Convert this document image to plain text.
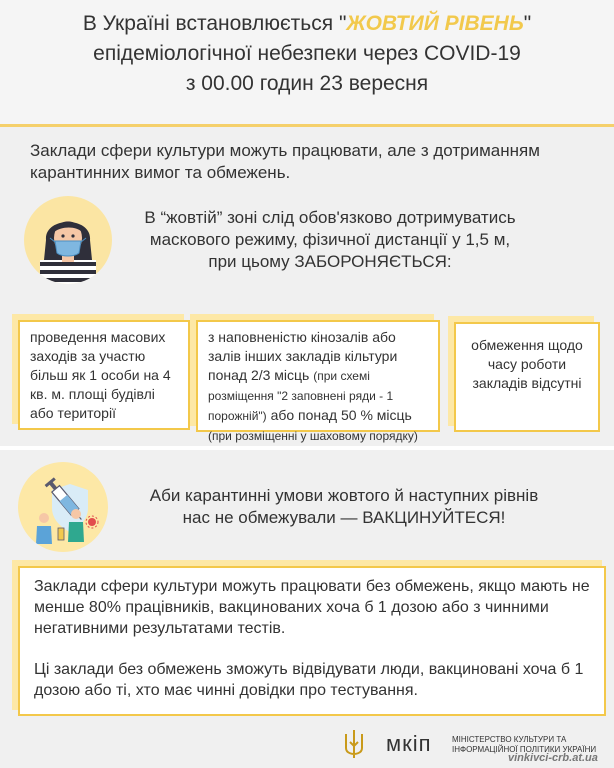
В Україні встановлюється "ЖОВТИЙ РІВЕНЬ"
епідеміологічної небезпеки через COVID-19
з 00.00 годин 23 вересня
Заклади сфери культури можуть працювати, але з дотриманням карантинних вимог та обмежень.
В “жовтій” зоні слід обов'язково дотримуватись
маскового режиму, фізичної дистанції у 1,5 м,
при цьому ЗАБОРОНЯЄТЬСЯ:
проведення масових заходів за участю більш як 1 особи на 4 кв. м. площі будівлі або території
з наповненістю кінозалів або залів інших закладів кільтури понад 2/3 місць (при схемі розміщення "2 заповнені ряди - 1 порожній") або понад 50 % місць (при розміщенні у шаховому порядку)
обмеження щодо часу роботи закладів відсутні
Аби карантинні умови жовтого й наступних рівнів
нас не обмежували — ВАКЦИНУЙТЕСЯ!

Заклади сфери культури можуть працювати без обмежень, якщо мають не менше 80% працівників, вакцинованих хоча б 1 дозою або з чинними негативними результатами тестів.

Ці заклади без обмежень зможуть відвідувати люди, вакциновані хоча б 1 дозою або ті, хто має чинні довідки про тестування.

мкіп	МІНІСТЕРСТВО КУЛЬТУРИ ТА
ІНФОРМАЦІЙНОЇ ПОЛІТИКИ УКРАЇНИ
vinkivci-crb.at.ua
